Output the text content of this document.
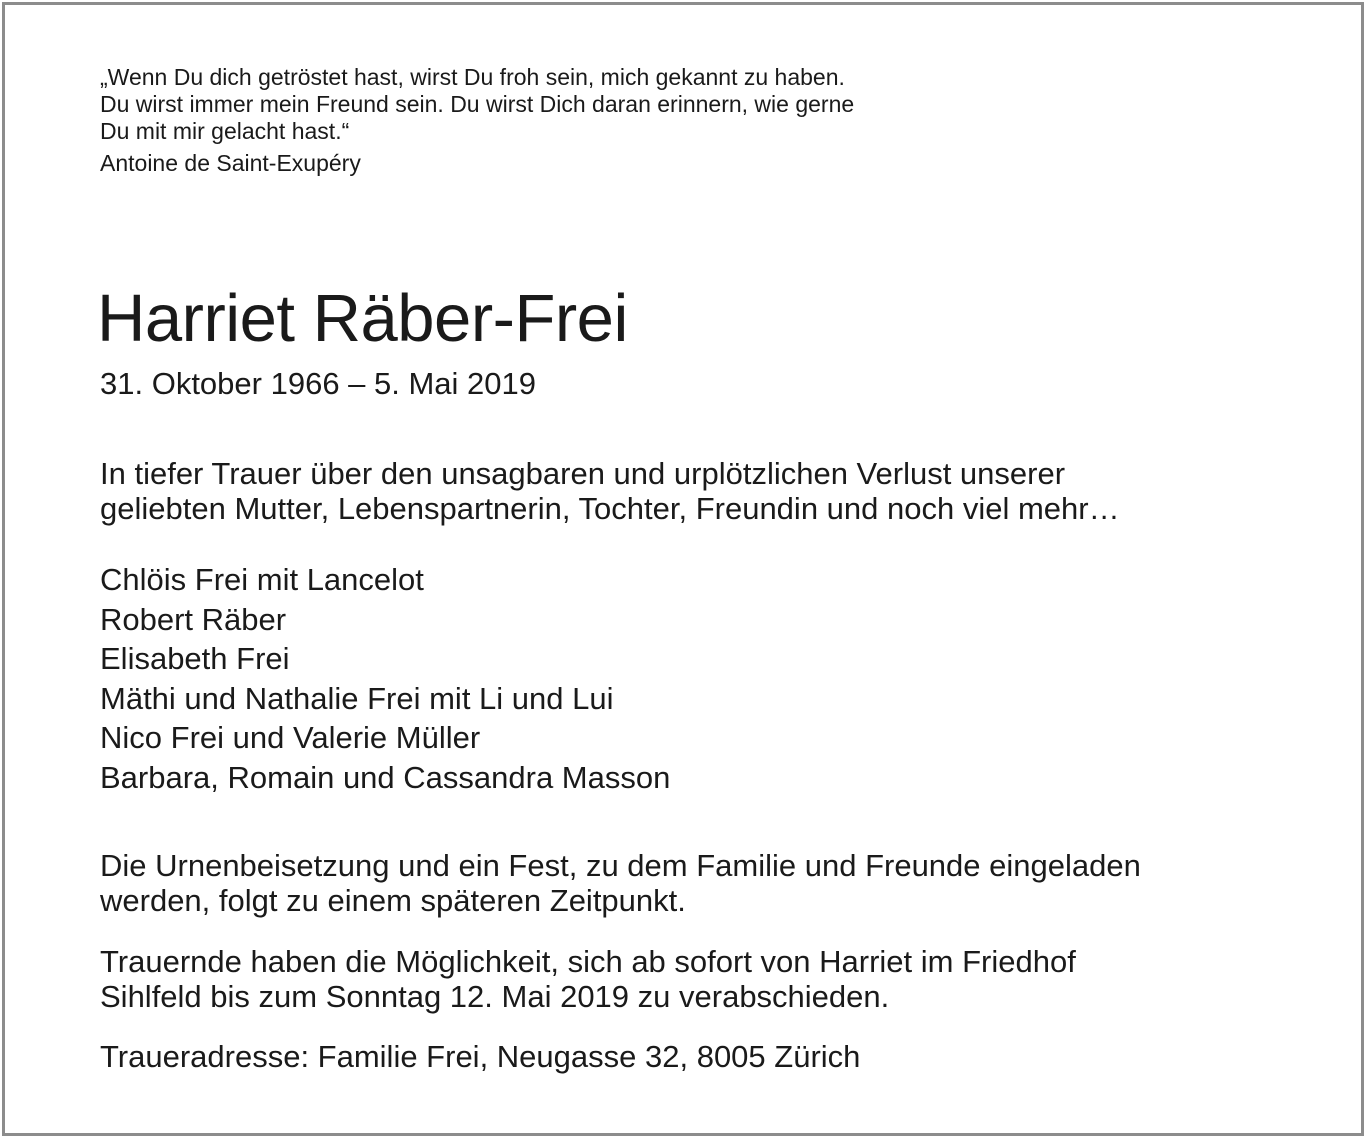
„Wenn Du dich getröstet hast, wirst Du froh sein, mich gekannt zu haben.
Du wirst immer mein Freund sein. Du wirst Dich daran erinnern, wie gerne
Du mit mir gelacht hast.“
Antoine de Saint-Exupéry
Harriet Räber-Frei
31. Oktober 1966 – 5. Mai 2019
In tiefer Trauer über den unsagbaren und urplötzlichen Verlust unserer
geliebten Mutter, Lebenspartnerin, Tochter, Freundin und noch viel mehr…
Chlöis Frei mit Lancelot
Robert Räber
Elisabeth Frei
Mäthi und Nathalie Frei mit Li und Lui
Nico Frei und Valerie Müller
Barbara, Romain und Cassandra Masson
Die Urnenbeisetzung und ein Fest, zu dem Familie und Freunde eingeladen
werden, folgt zu einem späteren Zeitpunkt.
Trauernde haben die Möglichkeit, sich ab sofort von Harriet im Friedhof
Sihlfeld bis zum Sonntag 12. Mai 2019 zu verabschieden.
Traueradresse: Familie Frei, Neugasse 32, 8005 Zürich
